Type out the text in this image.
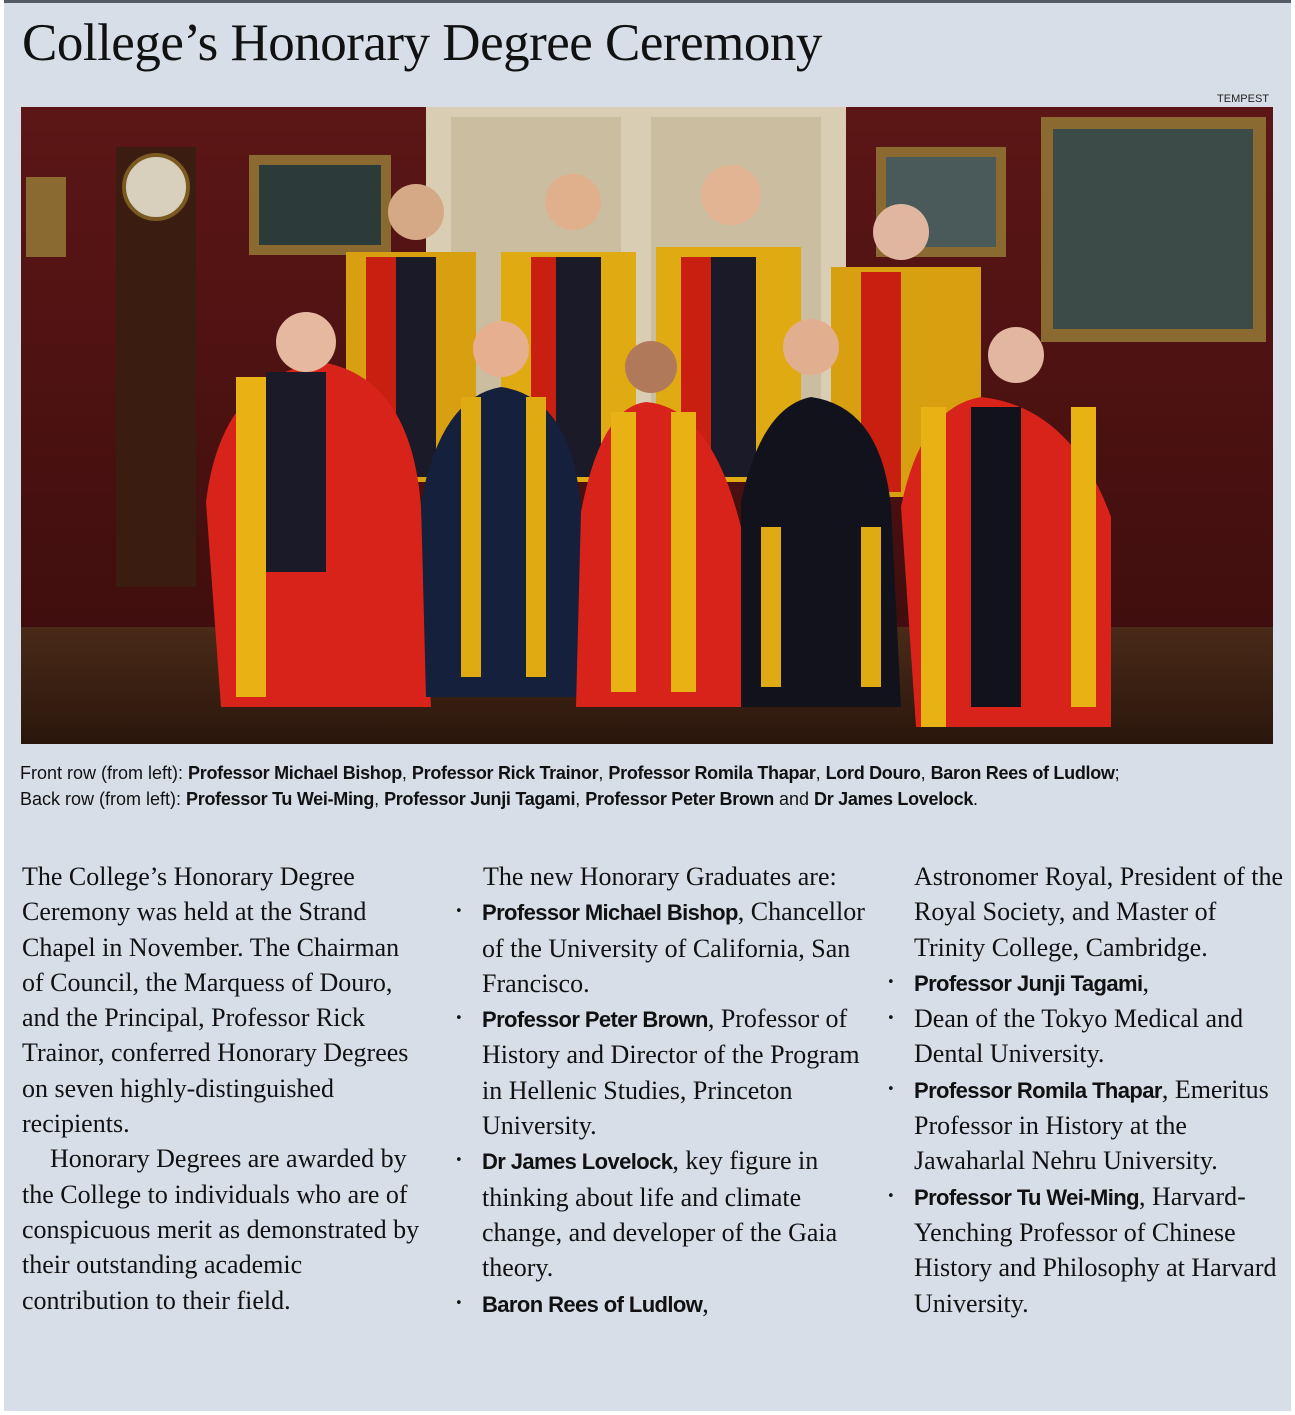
College’s Honorary Degree Ceremony
TEMPEST
Front row (from left): Professor Michael Bishop, Professor Rick Trainor, Professor Romila Thapar, Lord Douro, Baron Rees of Ludlow;
Back row (from left): Professor Tu Wei-Ming, Professor Junji Tagami, Professor Peter Brown and Dr James Lovelock.

The College’s Honorary Degree Ceremony was held at the Strand Chapel in November. The Chairman of Council, the Marquess of Douro, and the Principal, Professor Rick Trainor, conferred Honorary Degrees on seven highly-distinguished recipients.

Honorary Degrees are awarded by the College to individuals who are of conspicuous merit as demonstrated by their outstanding academic contribution to their field.

The new Honorary Graduates are:

• Professor Michael Bishop, Chancellor of the University of California, San Francisco.
• Professor Peter Brown, Professor of History and Director of the Program in Hellenic Studies, Princeton University.
• Dr James Lovelock, key figure in thinking about life and climate change, and developer of the Gaia theory.
• Baron Rees of Ludlow,
Astronomer Royal, President of the Royal Society, and Master of Trinity College, Cambridge.
• Professor Junji Tagami,
• Dean of the Tokyo Medical and Dental University.
• Professor Romila Thapar, Emeritus Professor in History at the Jawaharlal Nehru University.
• Professor Tu Wei-Ming, Harvard-Yenching Professor of Chinese History and Philosophy at Harvard University.
